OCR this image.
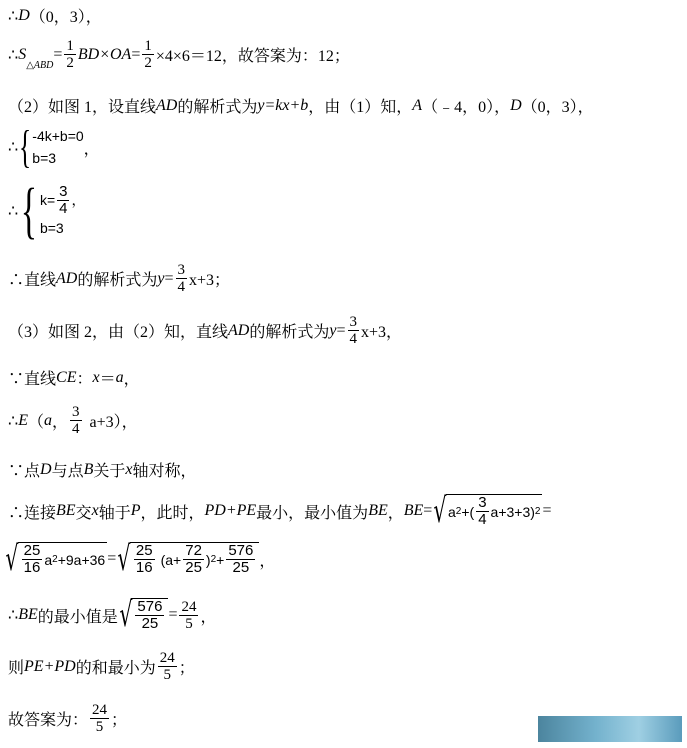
∴ D （0，3），
∴ S
$_{\triangle ABD}$
= $\frac{1}{2} BD\times OA = \frac{1}{2} \times 4\times 6=12$，故答案为：12；
（2）如图 1，设直线 AD 的解析式为 y=kx+b ，由（1）知， A （﹣4，0）， D （0，3），
∴ { -4k+b=0
b=3
，
∴ { $k= \frac{3}{4}$ ，
b=3
∴直线 AD 的解析式为 $y = \frac{3}{4} x+3$；
（3）如图 2，由（2）知，直线 AD 的解析式为 $y = \frac{3}{4} x+3$，
∵直线 CE ： x ＝ a ，
∴ E （ a ， $\frac{3}{4} a+3$），
∵点 D 与点 B 关于 x 轴对称，
∴连接 BE 交 x 轴于 P ，此时， PD+PE 最小，最小值为 BE ， BE = √ a 2 +( $\frac{3}{4} a+3+3$) 2 =
√ $\frac{25}{16}$ a 2 +9a+36 = √ $\frac{25}{16} (a+ \frac{72}{25}$ ) $2 + \frac{576}{25}$ ，
∴ BE 的最小值是 √ $\frac{576}{25} = \frac{24}{5}$ ，
则 PE+PD 的和最小为 $\frac{24}{5}$ ；
故答案为： $\frac{24}{5}$ ；
